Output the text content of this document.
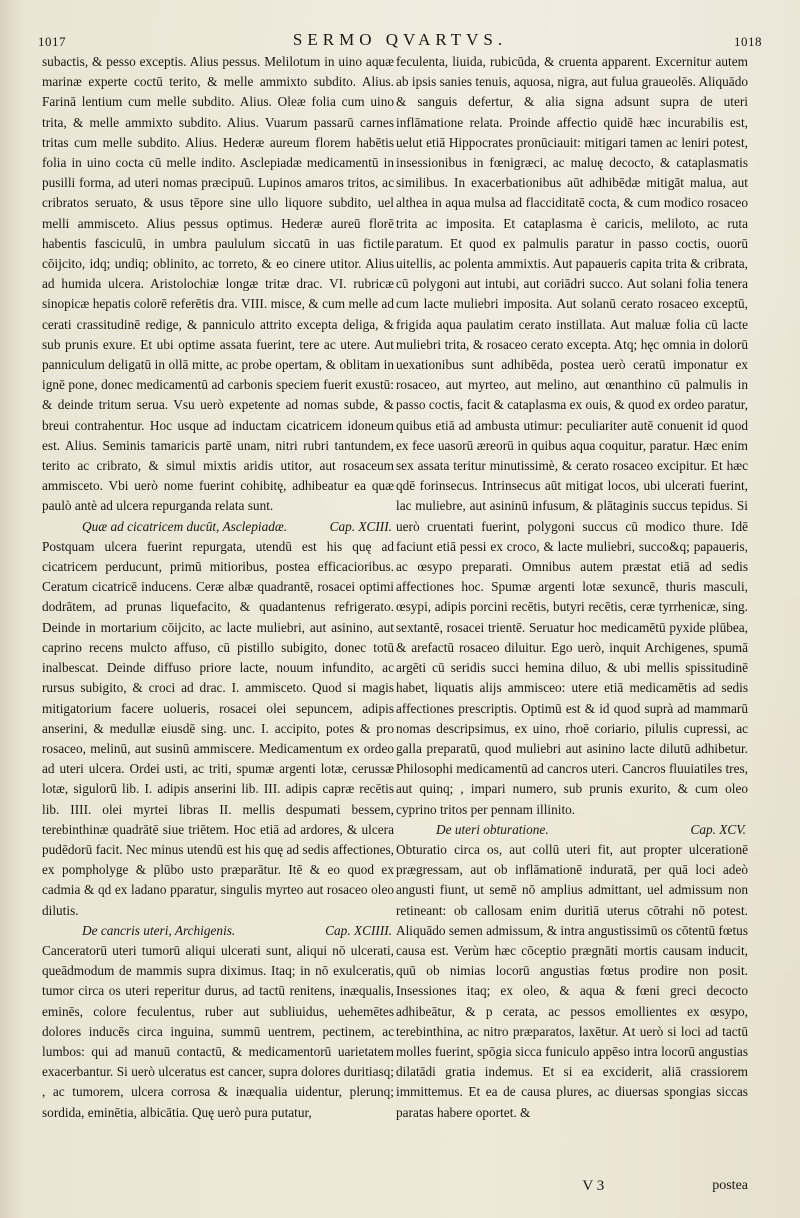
1017	SERMO QVARTVS.	1018

subactis, & pesso exceptis. Alius pessus. Melilotum in uino aquæ marinæ experte coctū terito, & melle ammixto subdito. Alius. Farinā lentium cum melle subdito. Alius. Oleæ folia cum uino trita, & melle ammixto subdito. Alius. Vuarum passarū carnes tritas cum melle subdito. Alius. Hederæ aureum florem habētis folia in uino cocta cū melle indito. Asclepiadæ medicamentū in pusilli forma, ad uteri nomas præcipuū. Lupinos amaros tritos, ac cribratos seruato, & usus tēpore sine ullo liquore subdito, uel melli ammisceto. Alius pessus optimus. Hederæ aureū florē habentis fasciculū, in umbra paululum siccatū in uas fictile cōijcito, idq; undiq; oblinito, ac torreto, & eo cinere utitor. Alius ad humida ulcera. Aristolochiæ longæ tritæ drac. VI. rubricæ sinopicæ hepatis colorē referētis dra. VIII. misce, & cum melle ad cerati crassitudinē redige, & panniculo attrito excepta deliga, & sub prunis exure. Et ubi optime assata fuerint, tere ac utere. Aut panniculum deligatū in ollā mitte, ac probe opertam, & oblitam in ignē pone, donec medicamentū ad carbonis speciem fuerit exustū: & deinde tritum serua. Vsu uerò expetente ad nomas subde, & breui contrahentur. Hoc usque ad inductam cicatricem idoneum est. Alius. Seminis tamaricis partē unam, nitri rubri tantundem, terito ac cribrato, & simul mixtis aridis utitor, aut rosaceum ammisceto. Vbi uerò nome fuerint cohibitę, adhibeatur ea quæ paulò antè ad ulcera repurganda relata sunt.

Quæ ad cicatricem ducūt, Asclepiadæ.	Cap. XCIII.

Postquam ulcera fuerint repurgata, utendū est his quę ad cicatricem perducunt, primū mitioribus, postea efficacioribus. Ceratum cicatricē inducens. Ceræ albæ quadrantē, rosacei optimi dodrātem, ad prunas liquefacito, & quadantenus refrigerato. Deinde in mortarium cōijcito, ac lacte muliebri, aut asinino, aut caprino recens mulcto affuso, cū pistillo subigito, donec totū inalbescat. Deinde diffuso priore lacte, nouum infundito, ac rursus subigito, & croci ad drac. I. ammisceto. Quod si magis mitigatorium facere uolueris, rosacei olei sepuncem, adipis anserini, & medullæ eiusdē sing. unc. I. accipito, potes & pro rosaceo, melinū, aut susinū ammiscere. Medicamentum ex ordeo ad uteri ulcera. Ordei usti, ac triti, spumæ argenti lotæ, cerussæ lotæ, sigulorū lib. I. adipis anserini lib. III. adipis capræ recētis lib. IIII. olei myrtei libras II. mellis despumati bessem, terebinthinæ quadrātē siue triētem. Hoc etiā ad ardores, & ulcera pudēdorū facit. Nec minus utendū est his quę ad sedis affectiones, ex pompholyge & plūbo usto præparātur. Itē & eo quod ex cadmia & qd ex ladano pparatur, singulis myrteo aut rosaceo oleo dilutis.

De cancris uteri, Archigenis.	Cap. XCIIII.

Canceratorū uteri tumorū aliqui ulcerati sunt, aliqui nō ulcerati, queādmodum de mammis supra diximus. Itaq; in nō exulceratis, tumor circa os uteri reperitur durus, ad tactū renitens, inæqualis, eminēs, colore feculentus, ruber aut subliuidus, uehemētes dolores inducēs circa inguina, summū uentrem, pectinem, ac lumbos: qui ad manuū contactū, & medicamentorū uarietatem exacerbantur. Si uerò ulceratus est cancer, supra dolores duritiasq; , ac tumorem, ulcera corrosa & inæqualia uidentur, plerunq; sordida, eminētia, albicātia. Quę uerò pura putatur,

feculenta, liuida, rubicūda, & cruenta apparent. Excernitur autem ab ipsis sanies tenuis, aquosa, nigra, aut fulua graueolēs. Aliquādo & sanguis defertur, & alia signa adsunt supra de uteri inflāmatione relata. Proinde affectio quidē hæc incurabilis est, uelut etiā Hippocrates pronūciauit: mitigari tamen ac leniri potest, insessionibus in fœnigræci, ac maluę decocto, & cataplasmatis similibus. In exacerbationibus aūt adhibēdæ mitigāt malua, aut althea in aqua mulsa ad flacciditatē cocta, & cum modico rosaceo trita ac imposita. Et cataplasma è caricis, meliloto, ac ruta paratum. Et quod ex palmulis paratur in passo coctis, ouorū uitellis, ac polenta ammixtis. Aut papaueris capita trita & cribrata, cū polygoni aut intubi, aut coriādri succo. Aut solani folia tenera cum lacte muliebri imposita. Aut solanū cerato rosaceo exceptū, frigida aqua paulatim cerato instillata. Aut maluæ folia cū lacte muliebri trita, & rosaceo cerato excepta. Atq; hęc omnia in dolorū uexationibus sunt adhibēda, postea uerò ceratū imponatur ex rosaceo, aut myrteo, aut melino, aut œnanthino cū palmulis in passo coctis, facit & cataplasma ex ouis, & quod ex ordeo paratur, quibus etiā ad ambusta utimur: peculiariter autē conuenit id quod ex fece uasorū æreorū in quibus aqua coquitur, paratur. Hæc enim sex assata teritur minutissimè, & cerato rosaceo excipitur. Et hæc qdē forinsecus. Intrinsecus aūt mitigat locos, ubi ulcerati fuerint, lac muliebre, aut asininū infusum, & plātaginis succus tepidus. Si uerò cruentati fuerint, polygoni succus cū modico thure. Idē faciunt etiā pessi ex croco, & lacte muliebri, succo&q; papaueris, ac œsypo preparati. Omnibus autem præstat etiā ad sedis affectiones hoc. Spumæ argenti lotæ sexuncē, thuris masculi, œsypi, adipis porcini recētis, butyri recētis, ceræ tyrrhenicæ, sing. sextantē, rosacei trientē. Seruatur hoc medicamētū pyxide plūbea, & arefactū rosaceo diluitur. Ego uerò, inquit Archigenes, spumā argēti cū seridis succi hemina diluo, & ubi mellis spissitudinē habet, liquatis alijs ammisceo: utere etiā medicamētis ad sedis affectiones prescriptis. Optimū est & id quod suprà ad mammarū nomas descripsimus, ex uino, rhoē coriario, pilulis cupressi, ac galla preparatū, quod muliebri aut asinino lacte dilutū adhibetur. Philosophi medicamentū ad cancros uteri. Cancros fluuiatiles tres, aut quinq; , impari numero, sub prunis exurito, & cum oleo cyprino tritos per pennam illinito.

De uteri obturatione.	Cap. XCV.

Obturatio circa os, aut collū uteri fit, aut propter ulcerationē prægressam, aut ob inflāmationē induratā, per quā loci adeò angusti fiunt, ut semē nō amplius admittant, uel admissum non retineant: ob callosam enim duritiā uterus cōtrahi nō potest. Aliquādo semen admissum, & intra angustissimū os cōtentū fœtus causa est. Verùm hæc cōceptio prægnāti mortis causam inducit, quū ob nimias locorū angustias fœtus prodire non posit. Insessiones itaq; ex oleo, & aqua & fœni greci decocto adhibeātur, & p cerata, ac pessos emollientes ex œsypo, terebinthina, ac nitro præparatos, laxētur. At uerò si loci ad tactū molles fuerint, spōgia sicca funiculo appēso intra locorū angustias dilatādi gratia indemus. Et si ea exciderit, aliā crassiorem immittemus. Et ea de causa plures, ac diuersas spongias siccas paratas habere oportet. &

V 3	postea
